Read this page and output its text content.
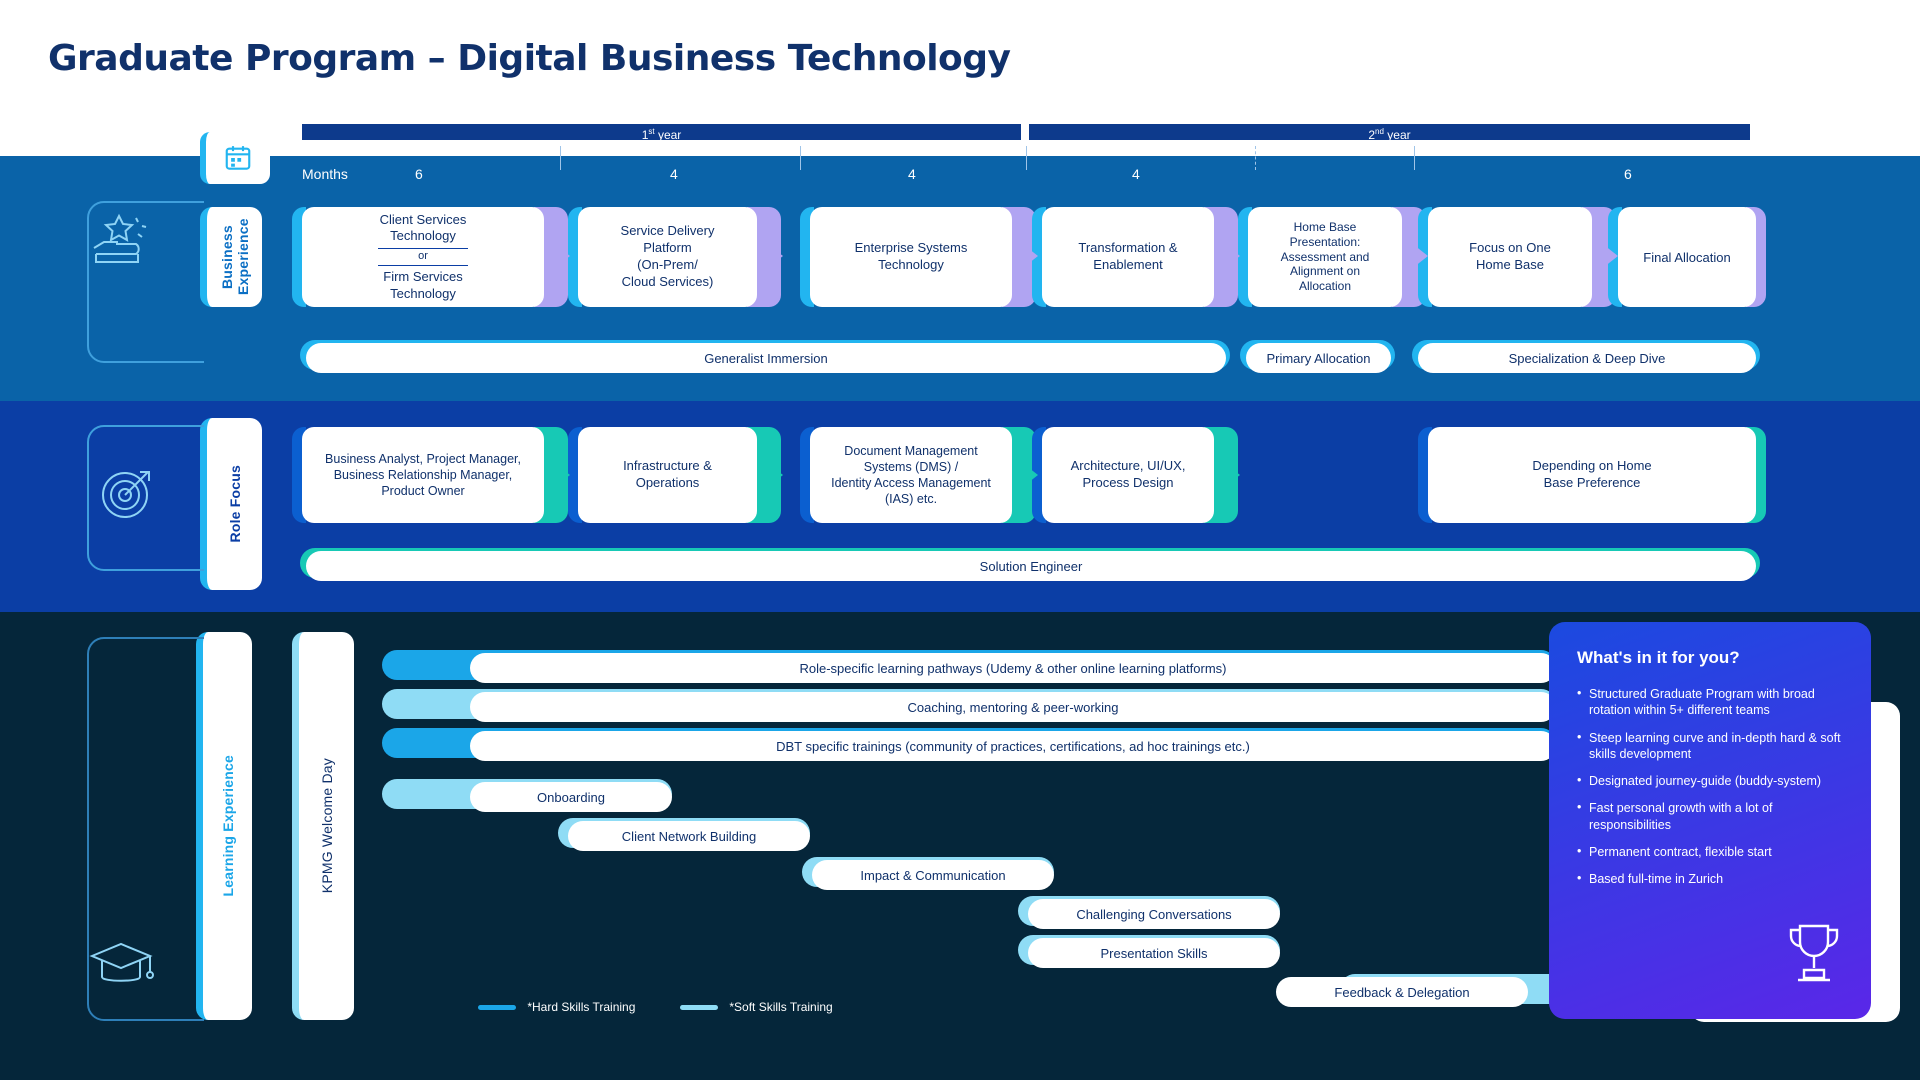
Graduate Program – Digital Business Technology
1st year	2nd year
Months	6	4	4	4	6
Business Experience	Client Services
Technology
or
Firm Services
Technology
Service Delivery
Platform
(On-Prem/
Cloud Services)
Enterprise Systems
Technology
Transformation &
Enablement
Home Base
Presentation:
Assessment and
Alignment on
Allocation
Focus on One
Home Base	Final Allocation
Generalist Immersion	Primary Allocation	Specialization & Deep Dive
Role Focus
Business Analyst, Project Manager,
Business Relationship Manager,
Product Owner
Infrastructure &
Operations
Document Management
Systems (DMS) /
Identity Access Management
(IAS) etc.
Architecture, UI/UX,
Process Design
Depending on Home
Base Preference
Solution Engineer
Learning Experience	KPMG Welcome Day
Role-specific learning pathways (Udemy & other online learning platforms)
Coaching, mentoring & peer-working
DBT specific trainings (community of practices, certifications, ad hoc trainings etc.)
Onboarding
Client Network Building
Impact & Communication
Challenging Conversations
Presentation Skills
Feedback & Delegation
*Hard Skills Training	*Soft Skills Training
What's in it for you?
• Structured Graduate Program with broad rotation within 5+ different teams
• Steep learning curve and in-depth hard & soft skills development
• Designated journey-guide (buddy-system)
• Fast personal growth with a lot of responsibilities
• Permanent contract, flexible start
• Based full-time in Zurich
